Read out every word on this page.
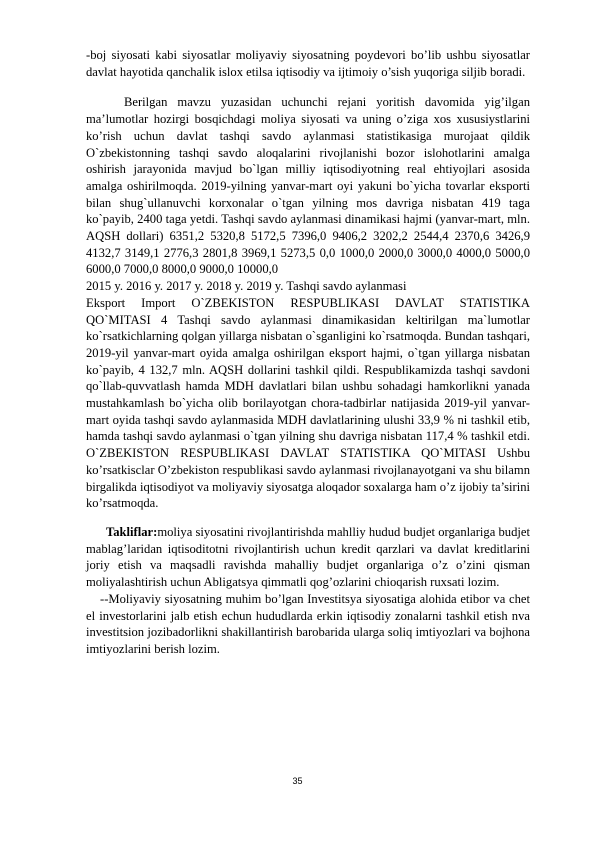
-boj siyosati kabi siyosatlar moliyaviy siyosatning poydevori bo’lib ushbu siyosatlar davlat hayotida qanchalik islox etilsa iqtisodiy va ijtimoiy o’sish yuqoriga siljib boradi.

Berilgan mavzu yuzasidan uchunchi rejani yoritish davomida yig’ilgan ma’lumotlar hozirgi bosqichdagi moliya siyosati va uning o’ziga xos xususiystlarini ko’rish uchun davlat tashqi savdo aylanmasi statistikasiga murojaat qildik O`zbekistonning tashqi savdo aloqalarini rivojlanishi bozor islohotlarini amalga oshirish jarayonida mavjud bo`lgan milliy iqtisodiyotning real ehtiyojlari asosida amalga oshirilmoqda. 2019-yilning yanvar-mart oyi yakuni bo`yicha tovarlar eksporti bilan shug`ullanuvchi korxonalar o`tgan yilning mos davriga nisbatan 419 taga ko`payib, 2400 taga yetdi. Tashqi savdo aylanmasi dinamikasi hajmi (yanvar-mart, mln. AQSH dollari) 6351,2 5320,8 5172,5 7396,0 9406,2 3202,2 2544,4 2370,6 3426,9 4132,7 3149,1 2776,3 2801,8 3969,1 5273,5 0,0 1000,0 2000,0 3000,0 4000,0 5000,0 6000,0 7000,0 8000,0 9000,0 10000,0

2015 y. 2016 y. 2017 y. 2018 y. 2019 y. Tashqi savdo aylanmasi

Eksport Import O`ZBEKISTON RESPUBLIKASI DAVLAT STATISTIKA QO`MITASI 4 Tashqi savdo aylanmasi dinamikasidan keltirilgan ma`lumotlar ko`rsatkichlarning qolgan yillarga nisbatan o`sganligini ko`rsatmoqda. Bundan tashqari, 2019-yil yanvar-mart oyida amalga oshirilgan eksport hajmi, o`tgan yillarga nisbatan ko`payib, 4 132,7 mln. AQSH dollarini tashkil qildi. Respublikamizda tashqi savdoni qo`llab-quvvatlash hamda MDH davlatlari bilan ushbu sohadagi hamkorlikni yanada mustahkamlash bo`yicha olib borilayotgan chora-tadbirlar natijasida 2019-yil yanvar-mart oyida tashqi savdo aylanmasida MDH davlatlarining ulushi 33,9 % ni tashkil etib, hamda tashqi savdo aylanmasi o`tgan yilning shu davriga nisbatan 117,4 % tashkil etdi. O`ZBEKISTON RESPUBLIKASI DAVLAT STATISTIKA QO`MITASI Ushbu ko’rsatkisclar O’zbekiston respublikasi savdo aylanmasi rivojlanayotgani va shu bilamn birgalikda iqtisodiyot va moliyaviy siyosatga aloqador soxalarga ham o’z ijobiy ta’sirini ko’rsatmoqda.

Takliflar:moliya siyosatini rivojlantirishda mahlliy hudud budjet organlariga budjet mablag’laridan iqtisoditotni rivojlantirish uchun kredit qarzlari va davlat kreditlarini joriy etish va maqsadli ravishda mahalliy budjet organlariga o’z o’zini qisman moliyalashtirish uchun Abligatsya qimmatli qog’ozlarini chioqarish ruxsati lozim.

--Moliyaviy siyosatning muhim bo’lgan Investitsya siyosatiga alohida etibor va chet el investorlarini jalb etish echun hududlarda erkin iqtisodiy zonalarni tashkil etish nva investitsion jozibadorlikni shakillantirish barobarida ularga soliq imtiyozlari va bojhona imtiyozlarini berish lozim.

35
